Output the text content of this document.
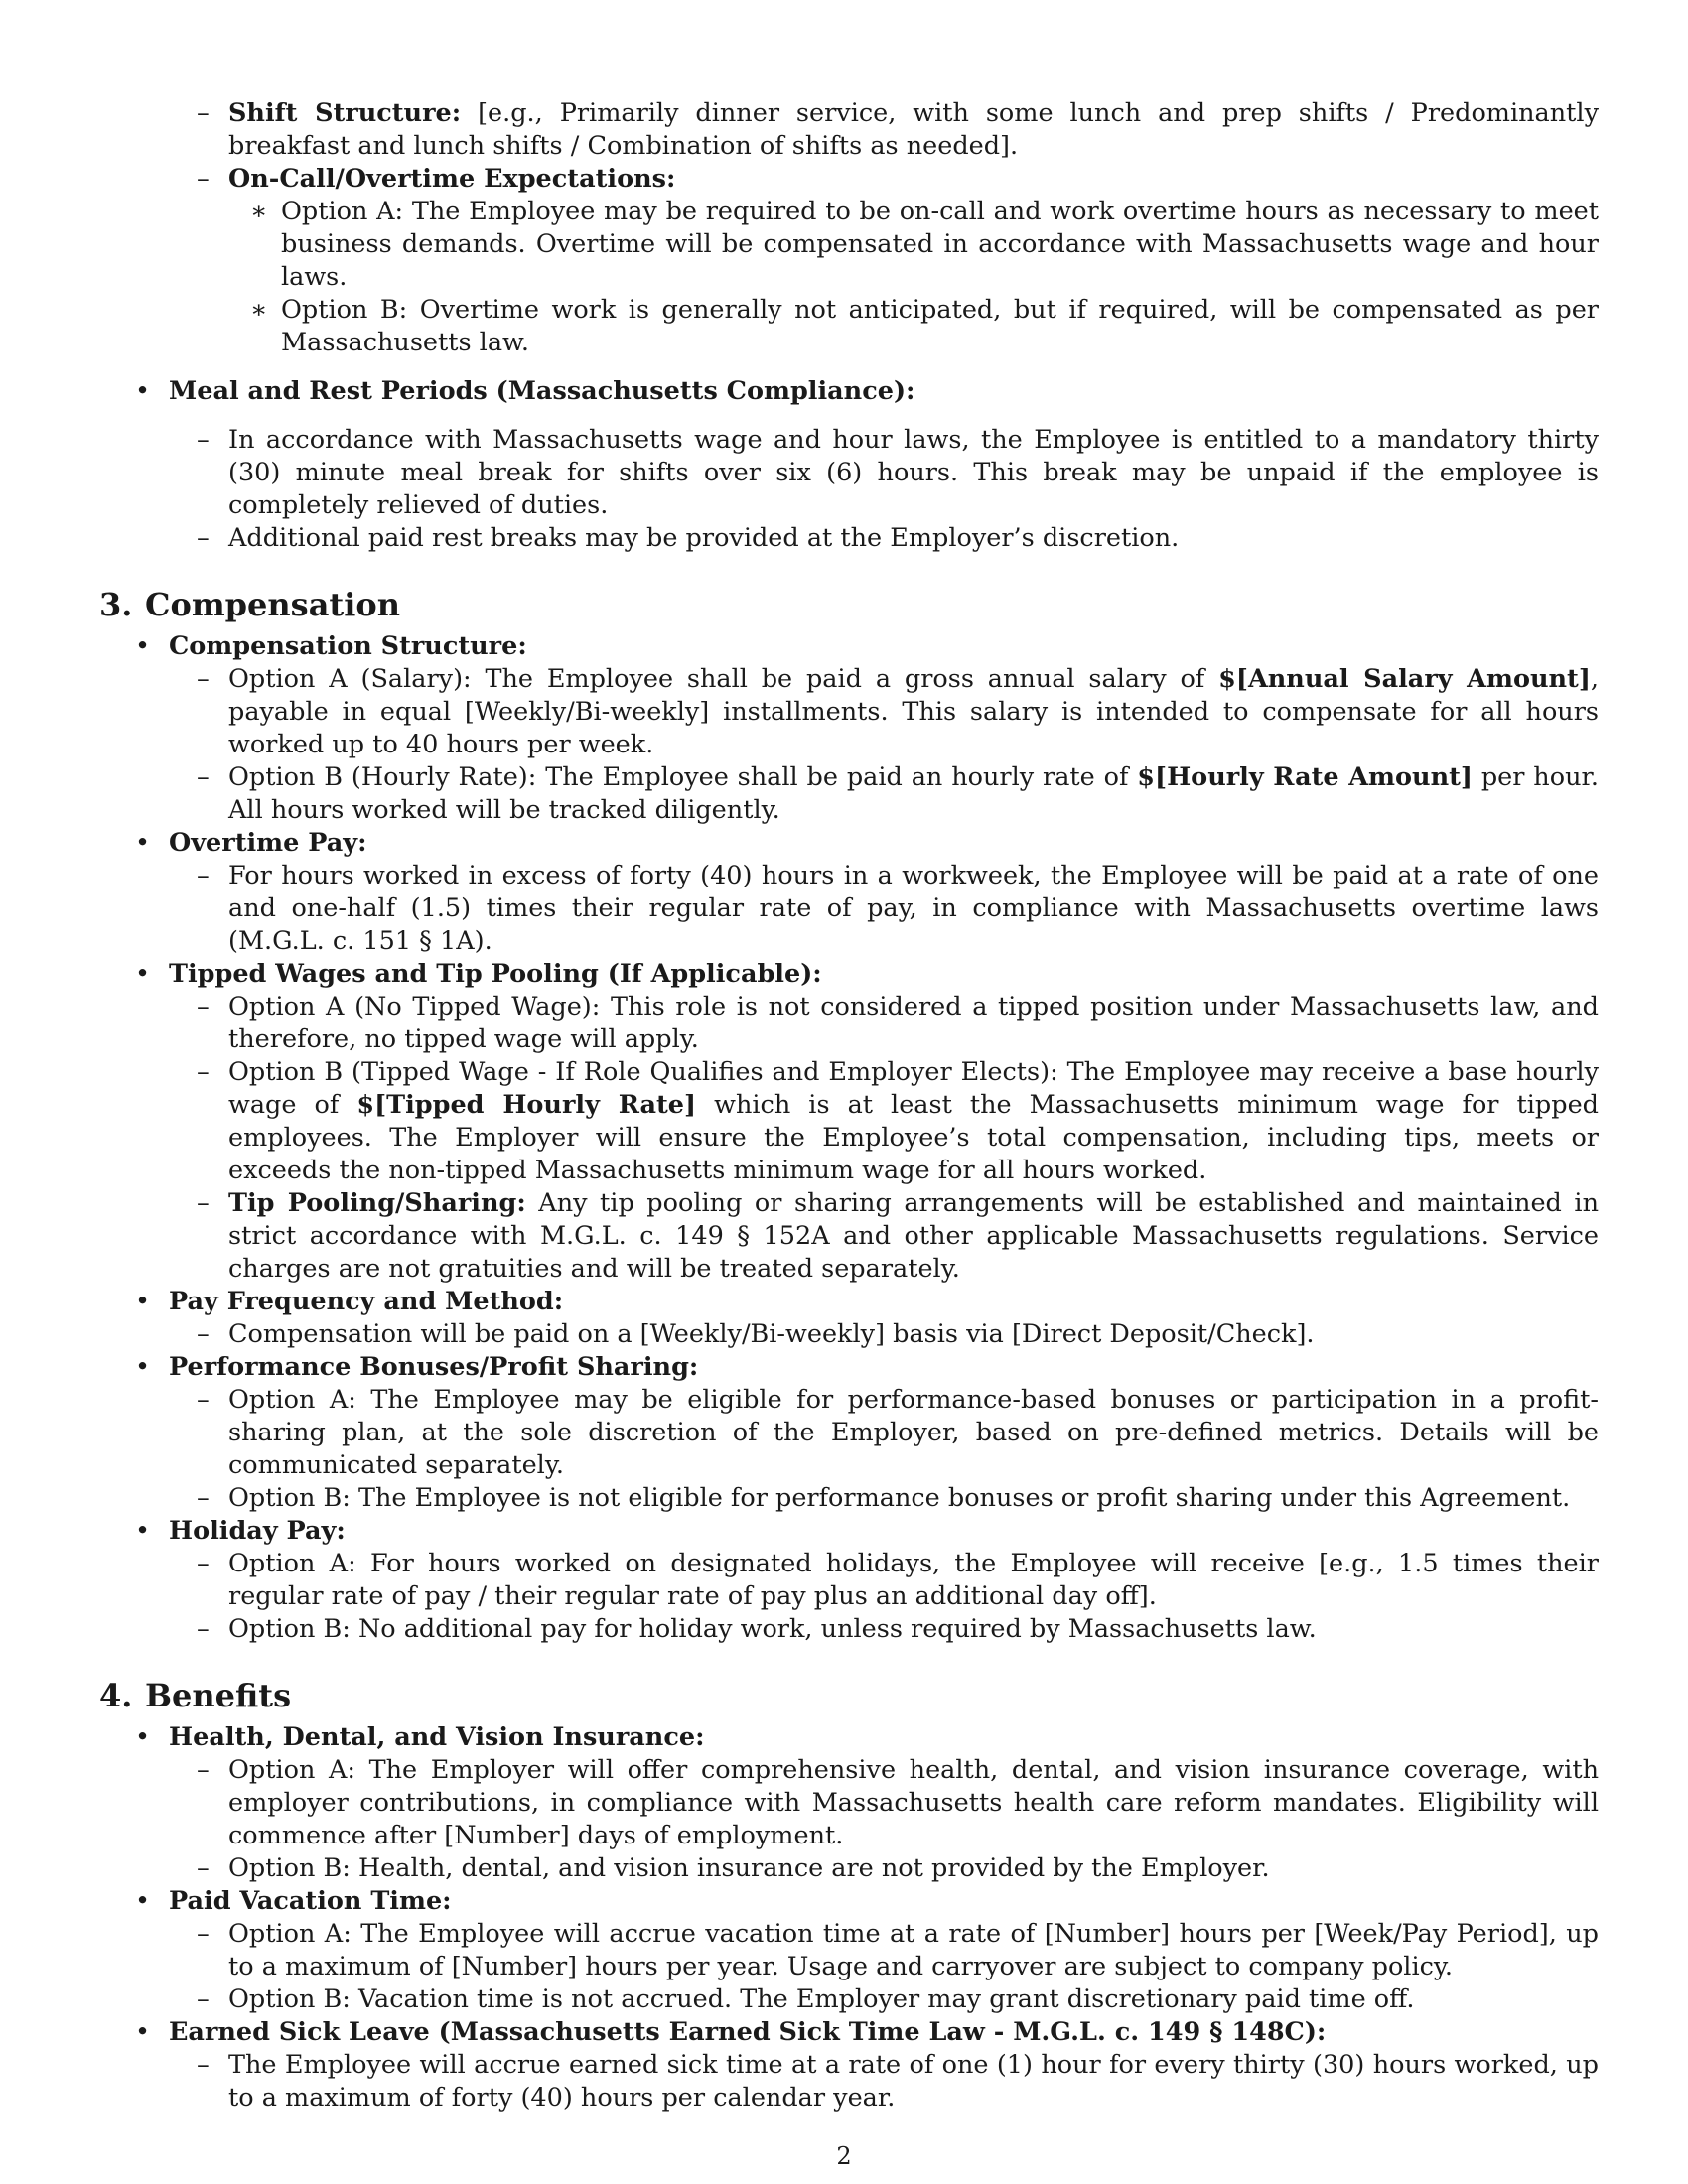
– Shift Structure: [e.g., Primarily dinner service, with some lunch and prep shifts / Predominantly breakfast and lunch shifts / Combination of shifts as needed].

– On-Call/Overtime Expectations:

∗ Option A: The Employee may be required to be on-call and work overtime hours as necessary to meet business demands. Overtime will be compensated in accordance with Massachusetts wage and hour laws.

∗ Option B: Overtime work is generally not anticipated, but if required, will be compensated as per Massachusetts law.

• Meal and Rest Periods (Massachusetts Compliance):

– In accordance with Massachusetts wage and hour laws, the Employee is entitled to a mandatory thirty (30) minute meal break for shifts over six (6) hours. This break may be unpaid if the employee is completely relieved of duties.

– Additional paid rest breaks may be provided at the Employer’s discretion.

3. Compensation

• Compensation Structure:

– Option A (Salary): The Employee shall be paid a gross annual salary of $[Annual Salary Amount], payable in equal [Weekly/Bi-weekly] installments. This salary is intended to compensate for all hours worked up to 40 hours per week.

– Option B (Hourly Rate): The Employee shall be paid an hourly rate of $[Hourly Rate Amount] per hour. All hours worked will be tracked diligently.

• Overtime Pay:

– For hours worked in excess of forty (40) hours in a workweek, the Employee will be paid at a rate of one and one-half (1.5) times their regular rate of pay, in compliance with Massachusetts overtime laws (M.G.L. c. 151 § 1A).

• Tipped Wages and Tip Pooling (If Applicable):

– Option A (No Tipped Wage): This role is not considered a tipped position under Massachusetts law, and therefore, no tipped wage will apply.

– Option B (Tipped Wage - If Role Qualifies and Employer Elects): The Employee may receive a base hourly wage of $[Tipped Hourly Rate] which is at least the Massachusetts minimum wage for tipped employees. The Employer will ensure the Employee’s total compensation, including tips, meets or exceeds the non-tipped Massachusetts minimum wage for all hours worked.

– Tip Pooling/Sharing: Any tip pooling or sharing arrangements will be established and maintained in strict accordance with M.G.L. c. 149 § 152A and other applicable Massachusetts regulations. Service charges are not gratuities and will be treated separately.

• Pay Frequency and Method:

– Compensation will be paid on a [Weekly/Bi-weekly] basis via [Direct Deposit/Check].

• Performance Bonuses/Profit Sharing:

– Option A: The Employee may be eligible for performance-based bonuses or participation in a profit-sharing plan, at the sole discretion of the Employer, based on pre-defined metrics. Details will be communicated separately.

– Option B: The Employee is not eligible for performance bonuses or profit sharing under this Agreement.

• Holiday Pay:

– Option A: For hours worked on designated holidays, the Employee will receive [e.g., 1.5 times their regular rate of pay / their regular rate of pay plus an additional day off].

– Option B: No additional pay for holiday work, unless required by Massachusetts law.

4. Benefits

• Health, Dental, and Vision Insurance:

– Option A: The Employer will offer comprehensive health, dental, and vision insurance coverage, with employer contributions, in compliance with Massachusetts health care reform mandates. Eligibility will commence after [Number] days of employment.

– Option B: Health, dental, and vision insurance are not provided by the Employer.

• Paid Vacation Time:

– Option A: The Employee will accrue vacation time at a rate of [Number] hours per [Week/Pay Period], up to a maximum of [Number] hours per year. Usage and carryover are subject to company policy.

– Option B: Vacation time is not accrued. The Employer may grant discretionary paid time off.

• Earned Sick Leave (Massachusetts Earned Sick Time Law - M.G.L. c. 149 § 148C):

– The Employee will accrue earned sick time at a rate of one (1) hour for every thirty (30) hours worked, up to a maximum of forty (40) hours per calendar year.

2
